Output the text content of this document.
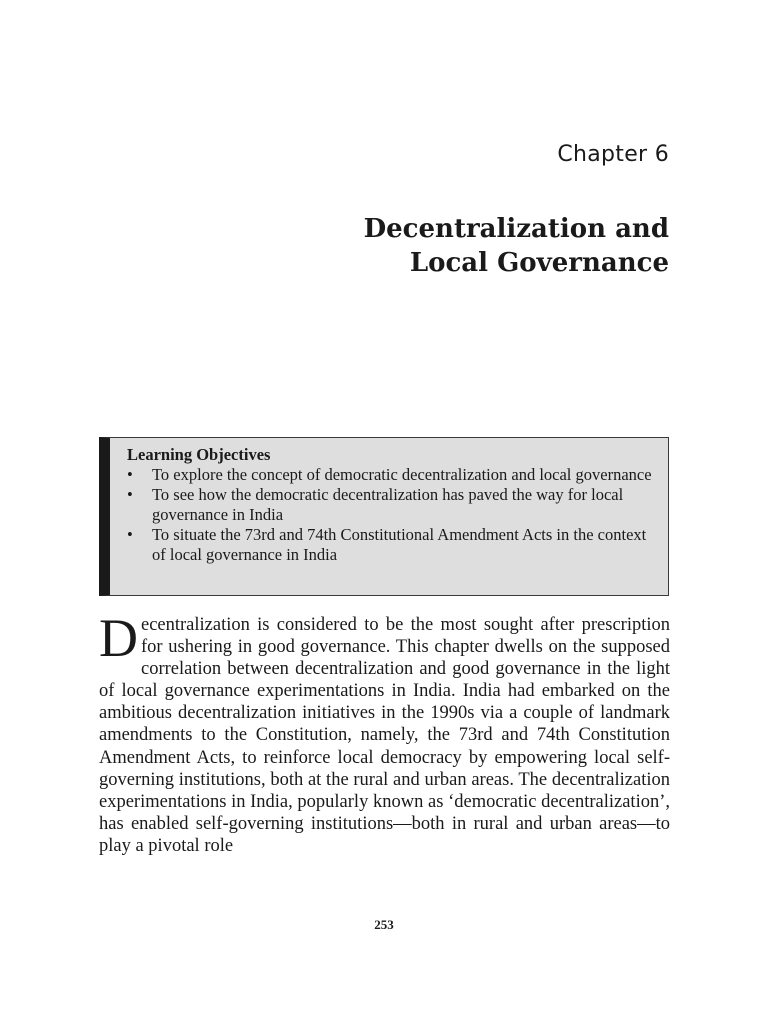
Chapter 6
Decentralization and
Local Governance

Learning Objectives

• To explore the concept of democratic decentralization and local governance
• To see how the democratic decentralization has paved the way for local governance in India
• To situate the 73rd and 74th Constitutional Amendment Acts in the context of local governance in India

Decentralization is considered to be the most sought after prescription for ushering in good governance. This chapter dwells on the supposed correlation between decentralization and good governance in the light of local governance experimentations in India. India had embarked on the ambitious decentralization initiatives in the 1990s via a couple of landmark amendments to the Constitution, namely, the 73rd and 74th Constitution Amendment Acts, to reinforce local democracy by empowering local self-governing institutions, both at the rural and urban areas. The decentralization experimentations in India, popularly known as ‘democratic decentralization’, has enabled self-governing institutions—both in rural and urban areas—to play a pivotal role

253
